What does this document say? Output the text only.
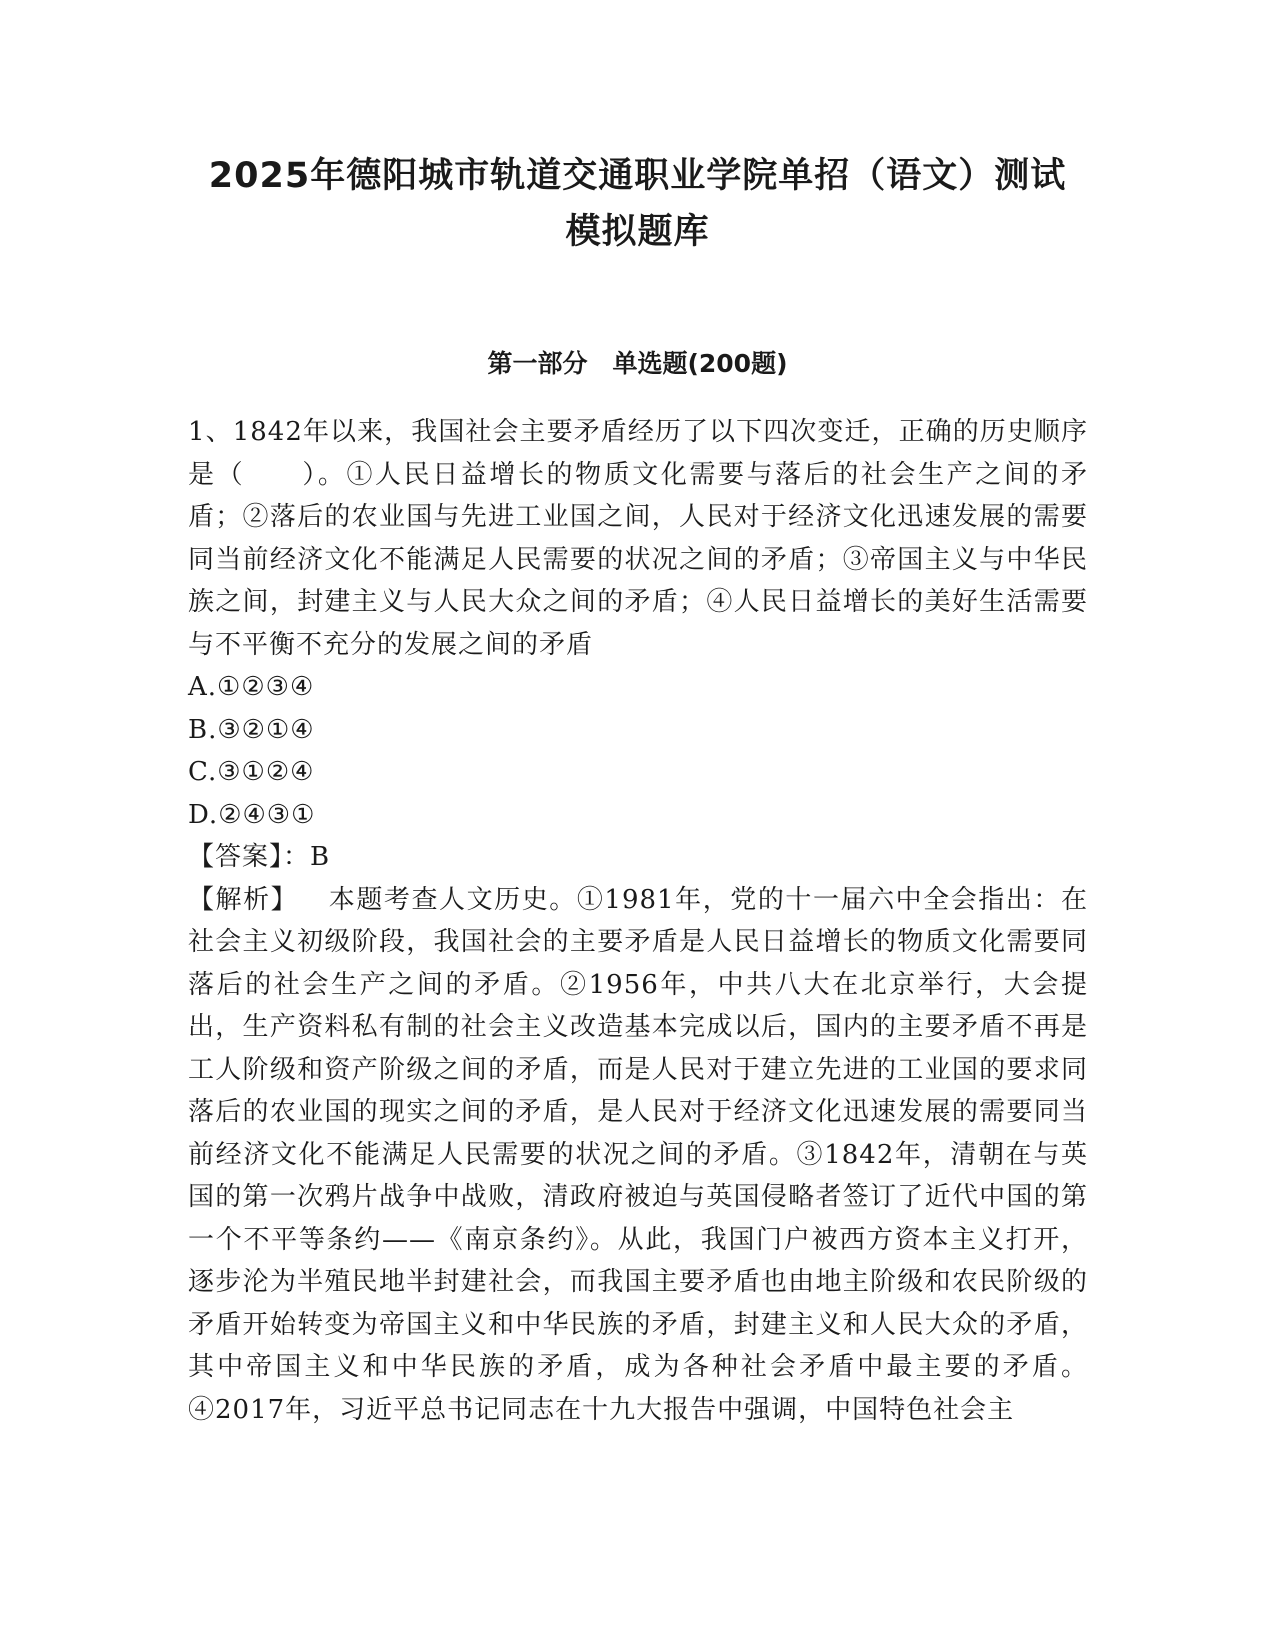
2025年德阳城市轨道交通职业学院单招（语文）测试
模拟题库
第一部分　单选题(200题)

1、1842年以来，我国社会主要矛盾经历了以下四次变迁，正确的历史顺序是（　　）。①人民日益增长的物质文化需要与落后的社会生产之间的矛盾；②落后的农业国与先进工业国之间，人民对于经济文化迅速发展的需要同当前经济文化不能满足人民需要的状况之间的矛盾；③帝国主义与中华民族之间，封建主义与人民大众之间的矛盾；④人民日益增长的美好生活需要与不平衡不充分的发展之间的矛盾

A.①②③④

B.③②①④

C.③①②④

D.②④③①

【答案】：B

【解析】 本题考查人文历史。①1981年，党的十一届六中全会指出：在社会主义初级阶段，我国社会的主要矛盾是人民日益增长的物质文化需要同落后的社会生产之间的矛盾。②1956年，中共八大在北京举行，大会提出，生产资料私有制的社会主义改造基本完成以后，国内的主要矛盾不再是工人阶级和资产阶级之间的矛盾，而是人民对于建立先进的工业国的要求同落后的农业国的现实之间的矛盾，是人民对于经济文化迅速发展的需要同当前经济文化不能满足人民需要的状况之间的矛盾。③1842年，清朝在与英国的第一次鸦片战争中战败，清政府被迫与英国侵略者签订了近代中国的第一个不平等条约——《南京条约》。从此，我国门户被西方资本主义打开，逐步沦为半殖民地半封建社会，而我国主要矛盾也由地主阶级和农民阶级的矛盾开始转变为帝国主义和中华民族的矛盾，封建主义和人民大众的矛盾，其中帝国主义和中华民族的矛盾，成为各种社会矛盾中最主要的矛盾。④2017年，习近平总书记同志在十九大报告中强调，中国特色社会主
